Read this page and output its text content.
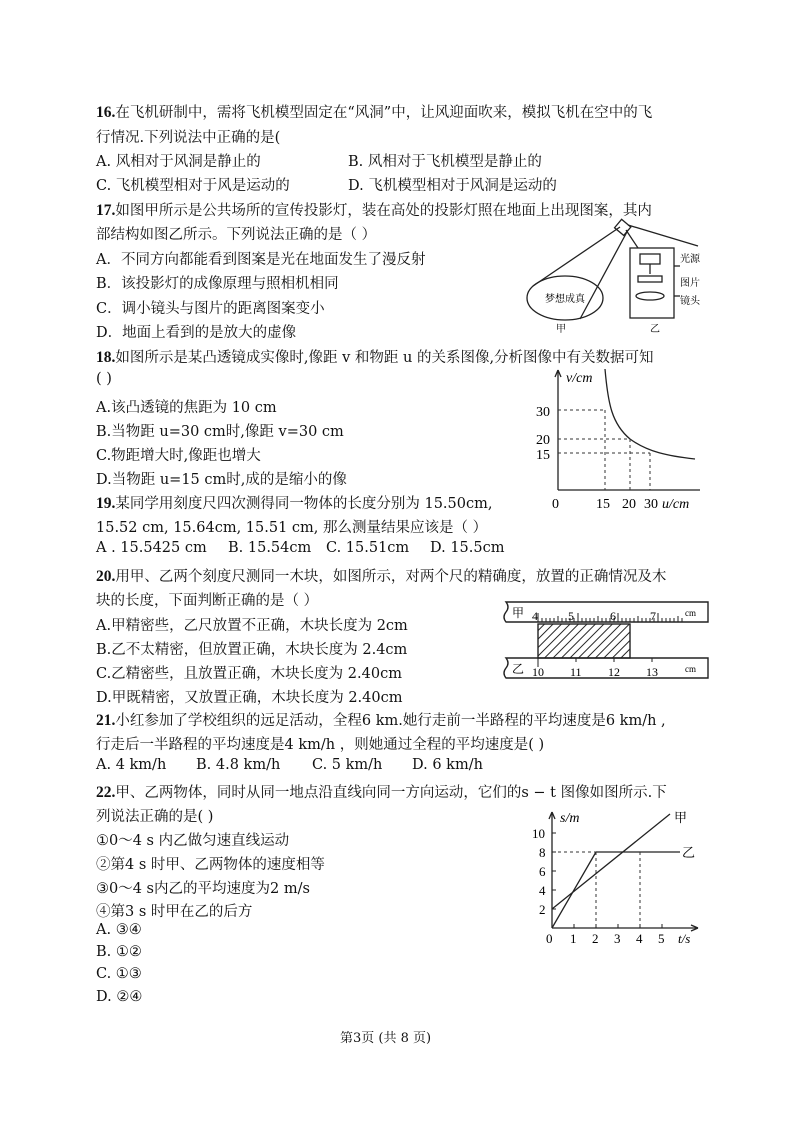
16.在飞机研制中，需将飞机模型固定在“风洞”中，让风迎面吹来，模拟飞机在空中的飞
行情况.下列说法中正确的是(
A. 风相对于风洞是静止的	B. 风相对于飞机模型是静止的
C. 飞机模型相对于风是运动的	D. 飞机模型相对于风洞是运动的
17.如图甲所示是公共场所的宣传投影灯，装在高处的投影灯照在地面上出现图案，其内
部结构如图乙所示。下列说法正确的是（ ）
A．不同方向都能看到图案是光在地面发生了漫反射
B．该投影灯的成像原理与照相机相同
C．调小镜头与图片的距离图案变小
D．地面上看到的是放大的虚像
梦想成真
甲	乙
光源
图片
镜头
18.如图所示是某凸透镜成实像时,像距 v 和物距 u 的关系图像,分析图像中有关数据可知
( )
A.该凸透镜的焦距为 10 cm
B.当物距 u=30 cm时,像距 v=30 cm
C.物距增大时,像距也增大
D.当物距 u=15 cm时,成的是缩小的像
v/cm
30
20
15
0	15 20 30 u/cm
19.某同学用刻度尺四次测得同一物体的长度分别为 15.50cm,
15.52 cm, 15.64cm, 15.51 cm, 那么测量结果应该是（ ）
A . 15.5425 cm B. 15.54cm C. 15.51cm D. 15.5cm
20.用甲、乙两个刻度尺测同一木块，如图所示，对两个尺的精确度，放置的正确情况及木
块的长度，下面判断正确的是（ ）
A.甲精密些，乙尺放置不正确，木块长度为 2cm
B.乙不太精密，但放置正确，木块长度为 2.4cm
C.乙精密些，且放置正确，木块长度为 2.40cm
D.甲既精密，又放置正确，木块长度为 2.40cm
甲
乙
cm
cm
4	5	6	7
10 11 12 13
21.小红参加了学校组织的远足活动，全程6 km.她行走前一半路程的平均速度是6 km/h ,
行走后一半路程的平均速度是4 km/h ，则她通过全程的平均速度是( )
A. 4 km/h B. 4.8 km/h C. 5 km/h D. 6 km/h
22.甲、乙两物体，同时从同一地点沿直线向同一方向运动，它们的s − t 图像如图所示.下
列说法正确的是( )
①0～4 s 内乙做匀速直线运动
②第4 s 时甲、乙两物体的速度相等
③0～4 s内乙的平均速度为2 m/s
④第3 s 时甲在乙的后方
A. ③④
B. ①②
C. ①③
D. ②④
s/m
10
8
6
4
2
0 1 2 3 4 5 t/s
甲
乙
第3页 (共 8 页)
